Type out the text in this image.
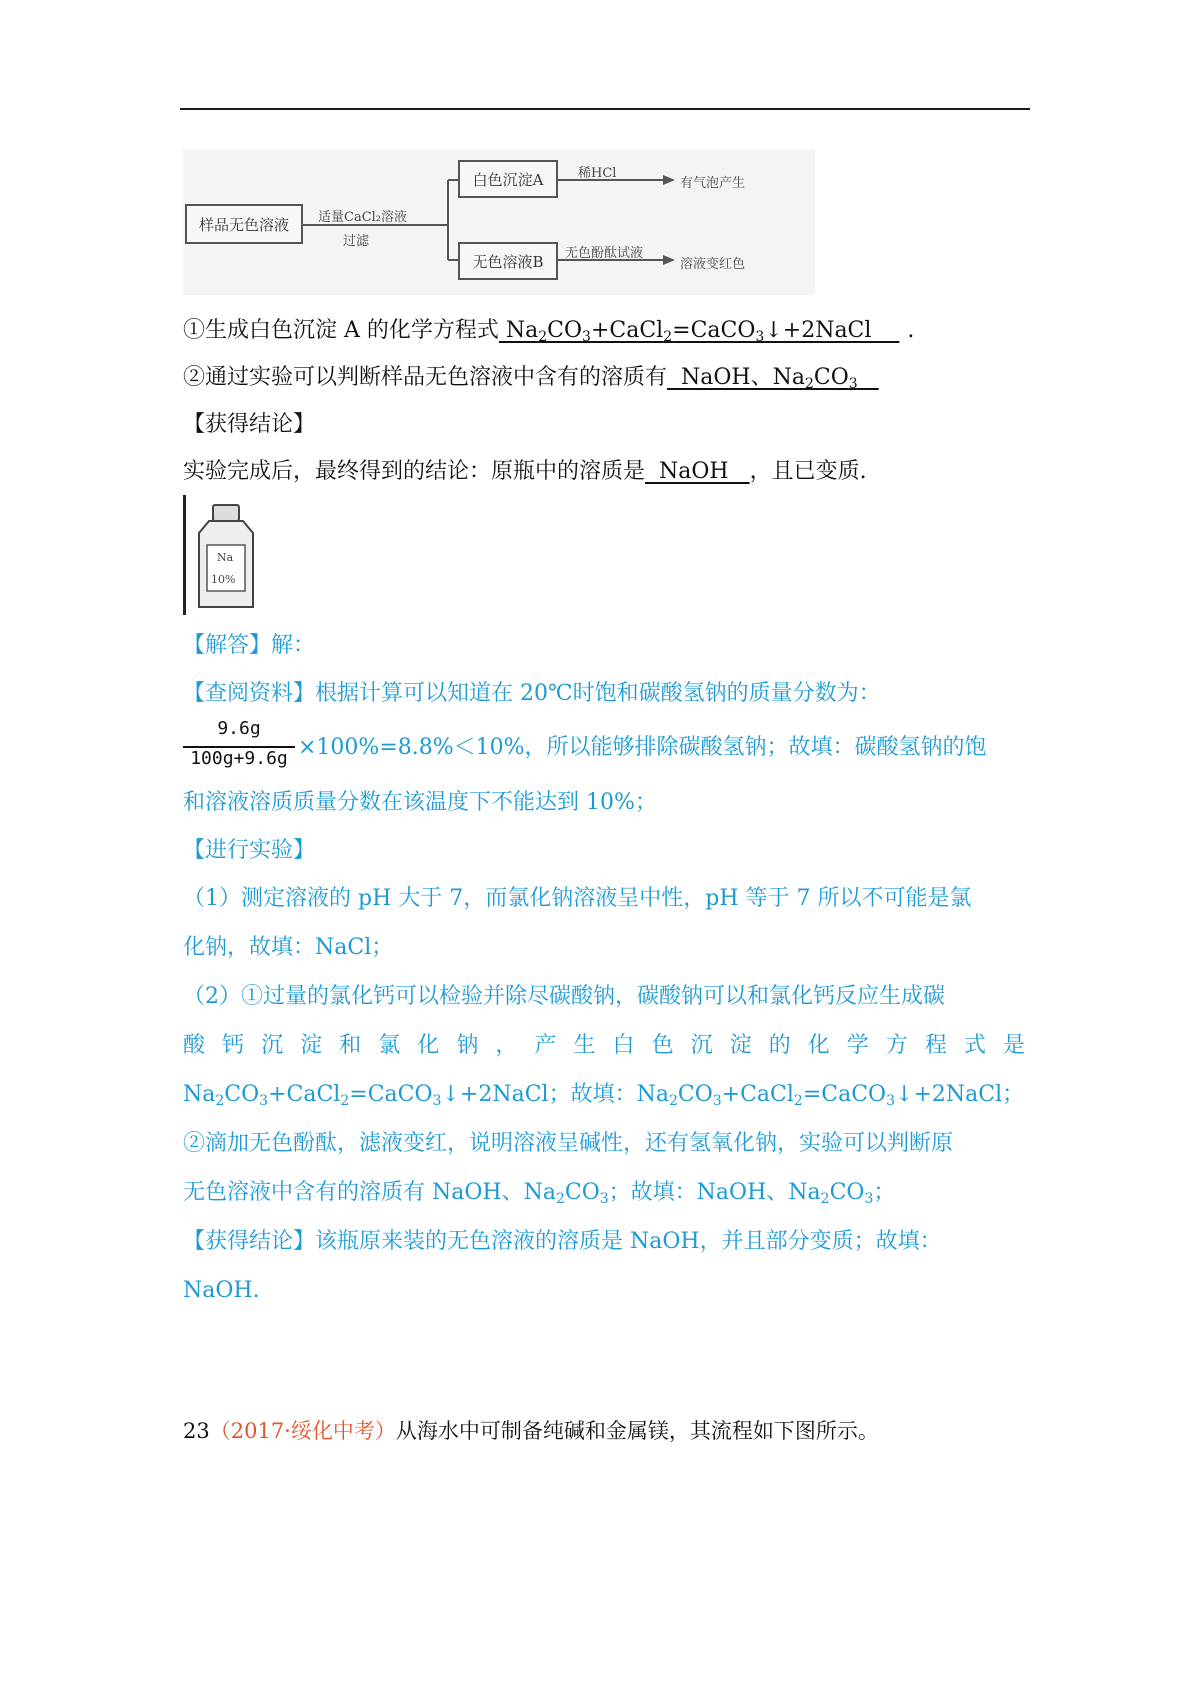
样品无色溶液	适量CaCl₂溶液
过滤
白色沉淀A	稀HCl
有气泡产生
无色溶液B	无色酚酞试液
溶液变红色
①生成白色沉淀 A 的化学方程式 $Na_2CO_3+CaCl_2=CaCO_3↓+2NaCl$    .
②通过实验可以判断样品无色溶液中含有的溶质有  NaOH、$Na_2CO_3$
【获得结论】
实验完成后，最终得到的结论：原瓶中的溶质是  NaOH   ，且已变质.
Na
10%
【解答】解：
【查阅资料】根据计算可以知道在 20℃时饱和碳酸氢钠的质量分数为：
9.6g
100g+9.6g ×100%=8.8%＜10%，所以能够排除碳酸氢钠；故填：碳酸氢钠的饱
和溶液溶质质量分数在该温度下不能达到 10%；
【进行实验】
（1）测定溶液的 pH 大于 7，而氯化钠溶液呈中性，pH 等于 7 所以不可能是氯
化钠，故填：NaCl；
（2）①过量的氯化钙可以检验并除尽碳酸钠，碳酸钠可以和氯化钙反应生成碳
酸 钙 沉 淀 和 氯 化 钠 ， 产 生 白 色 沉 淀 的 化 学 方 程 式 是
$Na_2CO_3+CaCl_2=CaCO_3↓+2NaCl$；故填：$Na_2CO_3+CaCl_2=CaCO_3↓+2NaCl$；
②滴加无色酚酞，滤液变红，说明溶液呈碱性，还有氢氧化钠，实验可以判断原
无色溶液中含有的溶质有 NaOH、$Na_2CO_3$；故填：NaOH、$Na_2CO_3$；
【获得结论】该瓶原来装的无色溶液的溶质是 NaOH，并且部分变质；故填：
NaOH.
23（2017·绥化中考）从海水中可制备纯碱和金属镁，其流程如下图所示。
